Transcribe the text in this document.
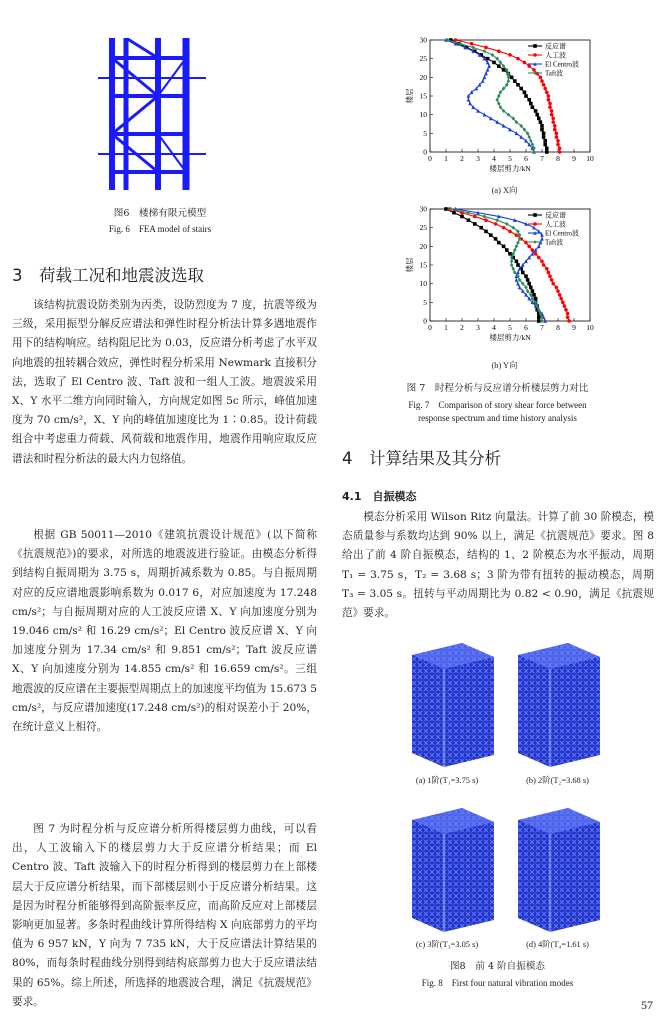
图6　楼梯有限元模型
Fig. 6　FEA model of stairs
3　荷载工况和地震波选取
该结构抗震设防类别为丙类，设防烈度为 7 度，抗震等级为三级，采用振型分解反应谱法和弹性时程分析法计算多遇地震作用下的结构响应。结构阻尼比为 0.03，反应谱分析考虑了水平双向地震的扭转耦合效应，弹性时程分析采用 Newmark 直接积分法，选取了 El Centro 波、Taft 波和一组人工波。地震波采用 X、Y 水平二维方向同时输入，方向规定如图 5c 所示，峰值加速度为 70 cm/s²，X、Y 向的峰值加速度比为 1∶0.85。设计荷载组合中考虑重力荷载、风荷载和地震作用，地震作用响应取反应谱法和时程分析法的最大内力包络值。
根据 GB 50011—2010《建筑抗震设计规范》(以下简称《抗震规范》)的要求，对所选的地震波进行验证。由模态分析得到结构自振周期为 3.75 s，周期折减系数为 0.85。与自振周期对应的反应谱地震影响系数为 0.017 6，对应加速度为 17.248 cm/s²；与自振周期对应的人工波反应谱 X、Y 向加速度分别为 19.046 cm/s² 和 16.29 cm/s²；El Centro 波反应谱 X、Y 向加速度分别为 17.34 cm/s² 和 9.851 cm/s²；Taft 波反应谱 X、Y 向加速度分别为 14.855 cm/s² 和 16.659 cm/s²。三组地震波的反应谱在主要振型周期点上的加速度平均值为 15.673 5 cm/s²，与反应谱加速度(17.248 cm/s²)的相对误差小于 20%，在统计意义上相符。
图 7 为时程分析与反应谱分析所得楼层剪力曲线，可以看出，人工波输入下的楼层剪力大于反应谱分析结果；而 El Centro 波、Taft 波输入下的时程分析得到的楼层剪力在上部楼层大于反应谱分析结果，而下部楼层则小于反应谱分析结果。这是因为时程分析能够得到高阶振率反应，而高阶反应对上部楼层影响更加显著。多条时程曲线计算所得结构 X 向底部剪力的平均值为 6 957 kN，Y 向为 7 735 kN，大于反应谱法计算结果的 80%，而每条时程曲线分别得到结构底部剪力也大于反应谱法结果的 65%。综上所述，所选择的地震波合理，满足《抗震规范》要求。
0 1 2 3 4 5 6 7 8 9 10
0
5
10
15
20
25
30
楼层剪力/kN
楼层
反应谱
人工波
El Centro波
Taft波
(a) X向
0 1 2 3 4 5 6 7 8 9 10
0
5
10
15
20
25
30
楼层剪力/kN
楼层
反应谱
人工波
El Centro波
Taft波
(b) Y向
图 7　时程分析与反应谱分析楼层剪力对比
Fig. 7　Comparison of story shear force between
response spectrum and time history analysis
4　计算结果及其分析
4.1　自振模态
模态分析采用 Wilson Ritz 向量法。计算了前 30 阶模态，模态质量参与系数均达到 90% 以上，满足《抗震规范》要求。图 8 给出了前 4 阶自振模态，结构的 1、2 阶模态为水平振动，周期 T₁ = 3.75 s，T₂ = 3.68 s；3 阶为带有扭转的振动模态，周期 T₃ = 3.05 s。扭转与平动周期比为 0.82 < 0.90，满足《抗震规范》要求。
(a) 1阶(T₁=3.75 s)	(b) 2阶(T₂=3.68 s)
(c) 3阶(T₃=3.05 s)	(d) 4阶(T₄=1.61 s)
图8　前 4 阶自振模态
Fig. 8　First four natural vibration modes
57
